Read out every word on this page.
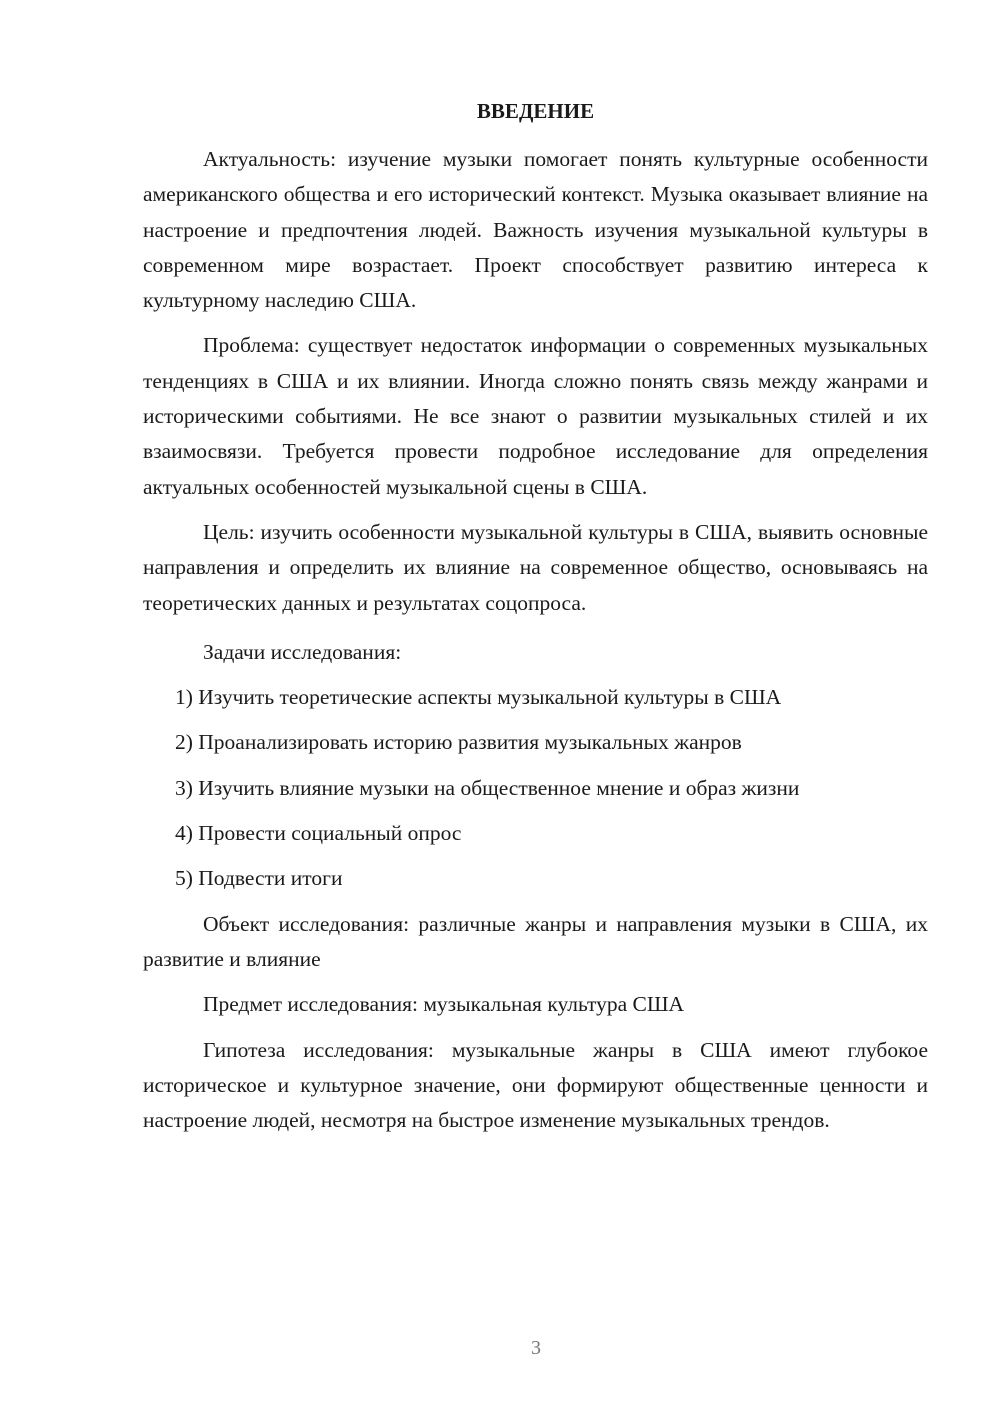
ВВЕДЕНИЕ

Актуальность: изучение музыки помогает понять культурные особенности американского общества и его исторический контекст. Музыка оказывает влияние на настроение и предпочтения людей. Важность изучения музыкальной культуры в современном мире возрастает. Проект способствует развитию интереса к культурному наследию США.

Проблема: существует недостаток информации о современных музыкальных тенденциях в США и их влиянии. Иногда сложно понять связь между жанрами и историческими событиями. Не все знают о развитии музыкальных стилей и их взаимосвязи. Требуется провести подробное исследование для определения актуальных особенностей музыкальной сцены в США.

Цель: изучить особенности музыкальной культуры в США, выявить основные направления и определить их влияние на современное общество, основываясь на теоретических данных и результатах соцопроса.

Задачи исследования:

1) Изучить теоретические аспекты музыкальной культуры в США
2) Проанализировать историю развития музыкальных жанров
3) Изучить влияние музыки на общественное мнение и образ жизни
4) Провести социальный опрос
5) Подвести итоги

Объект исследования: различные жанры и направления музыки в США, их развитие и влияние

Предмет исследования: музыкальная культура США

Гипотеза исследования: музыкальные жанры в США имеют глубокое историческое и культурное значение, они формируют общественные ценности и настроение людей, несмотря на быстрое изменение музыкальных трендов.

3
